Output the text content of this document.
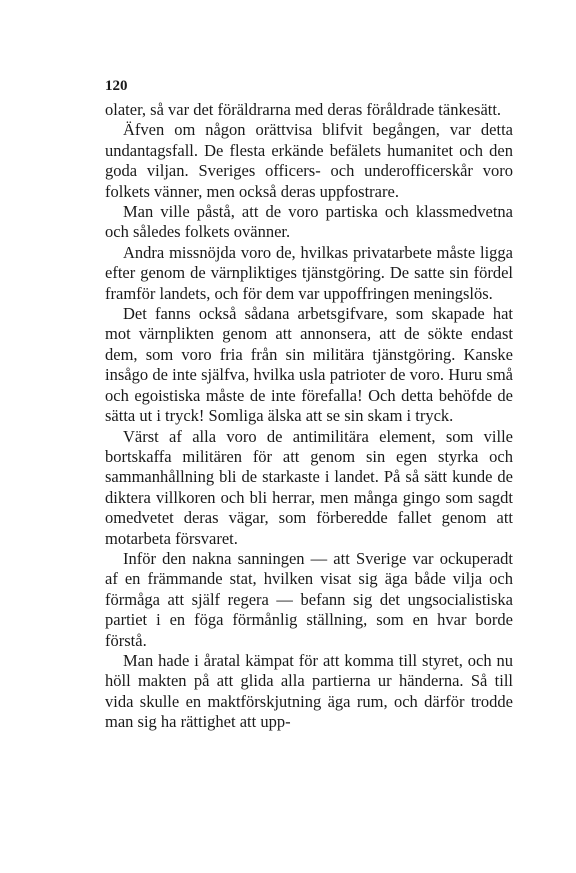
120

olater, så var det föräldrarna med deras föråldrade tänkesätt.

Äfven om någon orättvisa blifvit begången, var detta undantagsfall. De flesta erkände befälets humanitet och den goda viljan. Sveriges officers- och underofficerskår voro folkets vänner, men också deras uppfostrare.

Man ville påstå, att de voro partiska och klassmedvetna och således folkets ovänner.

Andra missnöjda voro de, hvilkas privatarbete måste ligga efter genom de värnpliktiges tjänstgöring. De satte sin fördel framför landets, och för dem var uppoffringen meningslös.

Det fanns också sådana arbetsgifvare, som skapade hat mot värnplikten genom att annonsera, att de sökte endast dem, som voro fria från sin militära tjänstgöring. Kanske insågo de inte själfva, hvilka usla patrioter de voro. Huru små och egoistiska måste de inte förefalla! Och detta behöfde de sätta ut i tryck! Somliga älska att se sin skam i tryck.

Värst af alla voro de antimilitära element, som ville bortskaffa militären för att genom sin egen styrka och sammanhållning bli de starkaste i landet. På så sätt kunde de diktera villkoren och bli herrar, men många gingo som sagdt omedvetet deras vägar, som förberedde fallet genom att motarbeta försvaret.

Inför den nakna sanningen — att Sverige var ockuperadt af en främmande stat, hvilken visat sig äga både vilja och förmåga att själf regera — befann sig det ungsocialistiska partiet i en föga förmånlig ställning, som en hvar borde förstå.

Man hade i åratal kämpat för att komma till styret, och nu höll makten på att glida alla partierna ur händerna. Så till vida skulle en maktförskjutning äga rum, och därför trodde man sig ha rättighet att upp-
